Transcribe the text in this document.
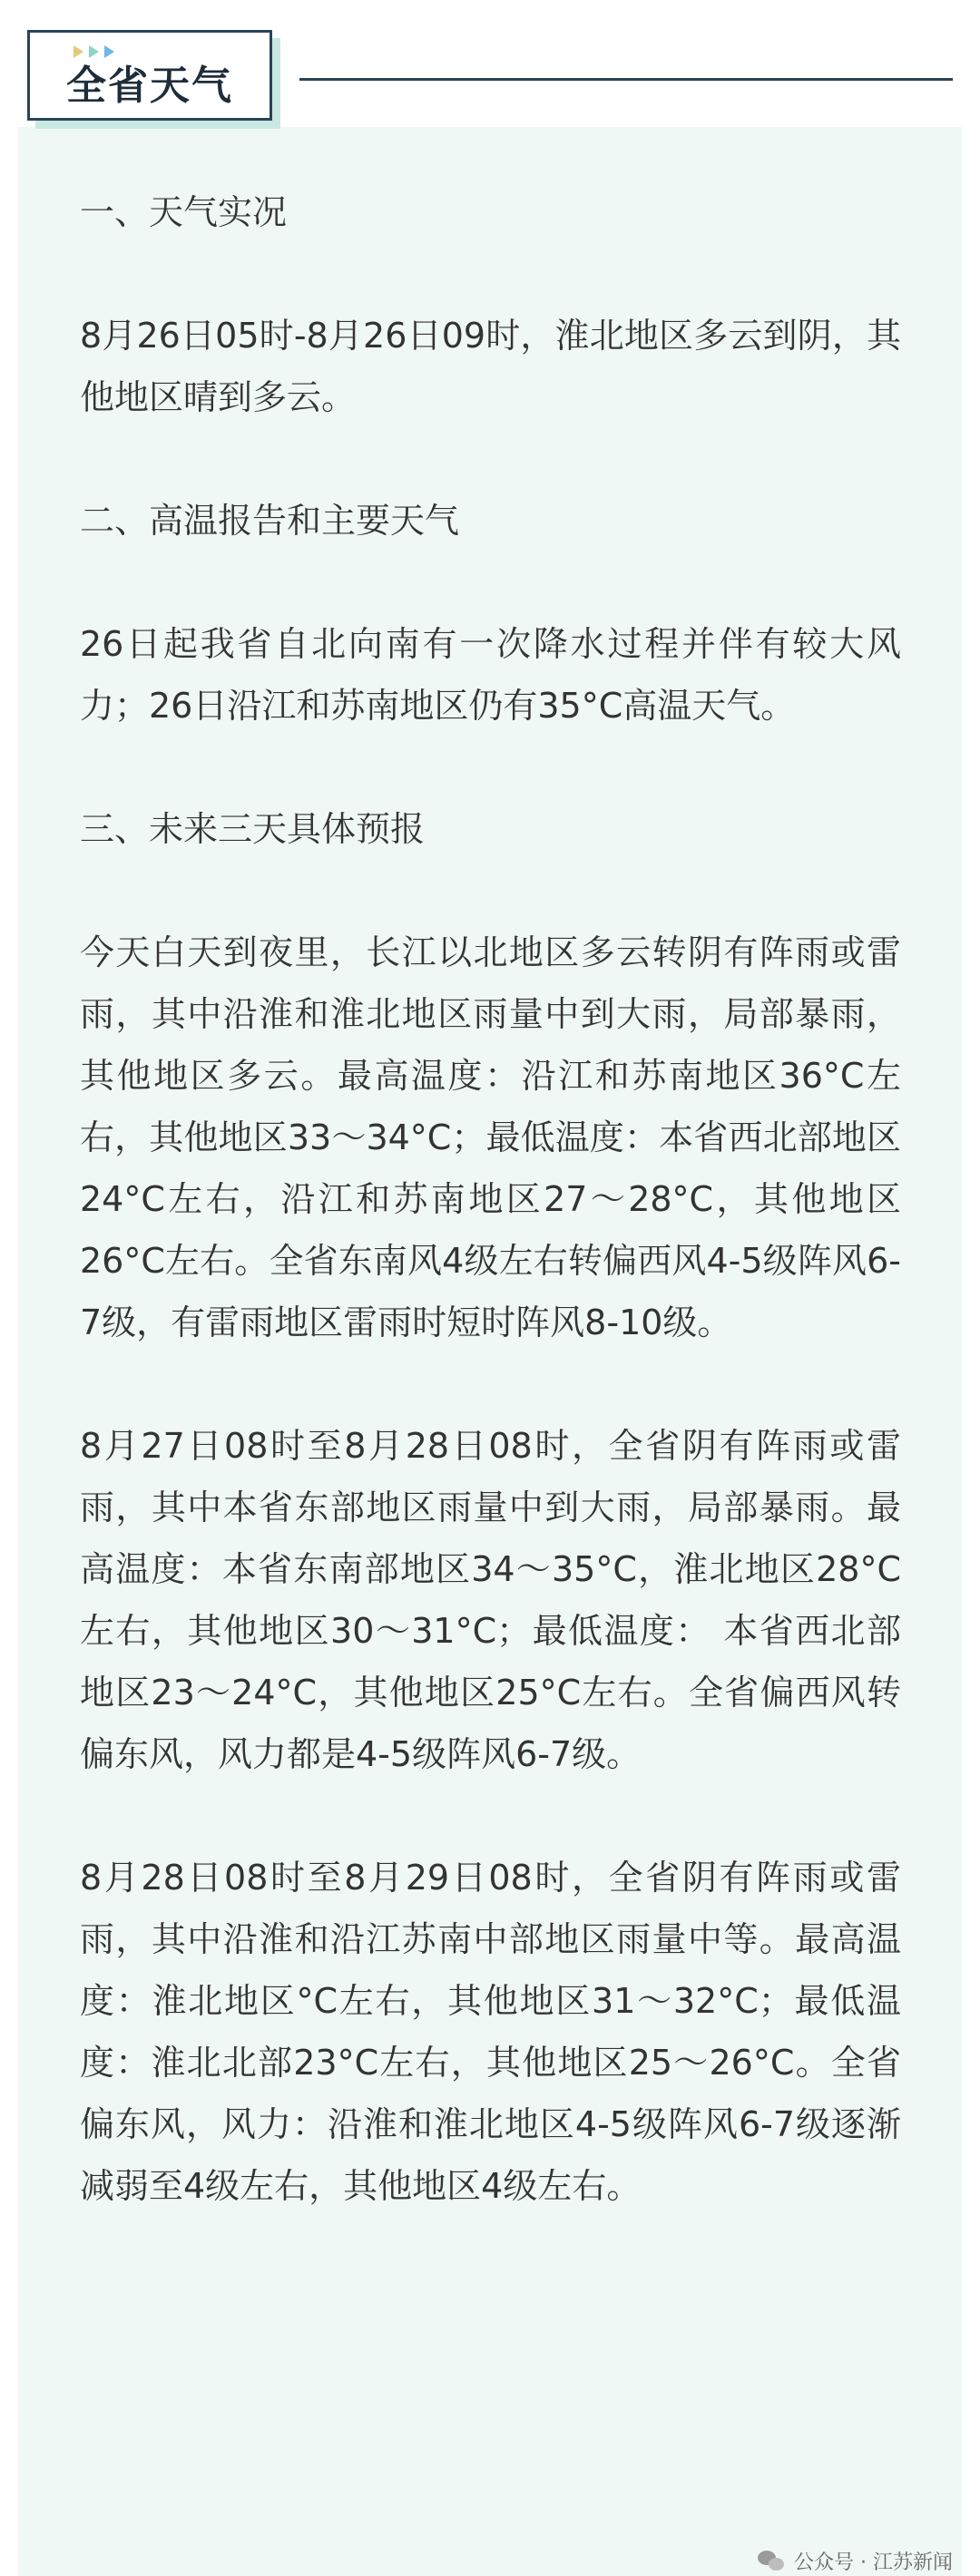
全省天气

一、天气实况

8月26日05时-8月26日09时，淮北地区多云到阴，其他地区晴到多云。

二、高温报告和主要天气

26日起我省自北向南有一次降水过程并伴有较大风力；26日沿江和苏南地区仍有35°C高温天气。

三、未来三天具体预报

今天白天到夜里，长江以北地区多云转阴有阵雨或雷雨，其中沿淮和淮北地区雨量中到大雨，局部暴雨，其他地区多云。最高温度：沿江和苏南地区36°C左右，其他地区33～34°C；最低温度：本省西北部地区24°C左右，沿江和苏南地区27～28°C，其他地区26°C左右。全省东南风4级左右转偏西风4-5级阵风6-7级，有雷雨地区雷雨时短时阵风8-10级。

8月27日08时至8月28日08时，全省阴有阵雨或雷雨，其中本省东部地区雨量中到大雨，局部暴雨。最高温度：本省东南部地区34～35°C，淮北地区28°C左右，其他地区30～31°C；最低温度： 本省西北部地区23～24°C，其他地区25°C左右。全省偏西风转偏东风，风力都是4-5级阵风6-7级。

8月28日08时至8月29日08时，全省阴有阵雨或雷雨，其中沿淮和沿江苏南中部地区雨量中等。最高温度：淮北地区°C左右，其他地区31～32°C；最低温度：淮北北部23°C左右，其他地区25～26°C。全省偏东风，风力：沿淮和淮北地区4-5级阵风6-7级逐渐减弱至4级左右，其他地区4级左右。

公众号 · 江苏新闻
